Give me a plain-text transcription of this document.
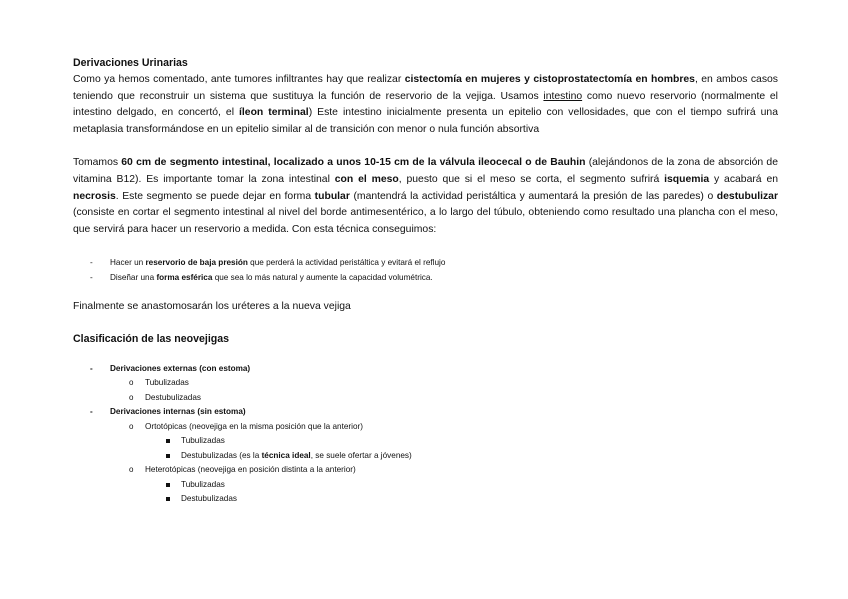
Derivaciones Urinarias

Como ya hemos comentado, ante tumores infiltrantes hay que realizar cistectomía en mujeres y cistoprostatectomía en hombres, en ambos casos teniendo que reconstruir un sistema que sustituya la función de reservorio de la vejiga. Usamos intestino como nuevo reservorio (normalmente el intestino delgado, en concertó, el íleon terminal) Este intestino inicialmente presenta un epitelio con vellosidades, que con el tiempo sufrirá una metaplasia transformándose en un epitelio similar al de transición con menor o nula función absortiva

Tomamos 60 cm de segmento intestinal, localizado a unos 10-15 cm de la válvula ileocecal o de Bauhin (alejándonos de la zona de absorción de vitamina B12). Es importante tomar la zona intestinal con el meso, puesto que si el meso se corta, el segmento sufrirá isquemia y acabará en necrosis. Este segmento se puede dejar en forma tubular (mantendrá la actividad peristáltica y aumentará la presión de las paredes) o destubulizar (consiste en cortar el segmento intestinal al nivel del borde antimesentérico, a lo largo del túbulo, obteniendo como resultado una plancha con el meso, que servirá para hacer un reservorio a medida. Con esta técnica conseguimos:

- Hacer un reservorio de baja presión que perderá la actividad peristáltica y evitará el reflujo
- Diseñar una forma esférica que sea lo más natural y aumente la capacidad volumétrica.

Finalmente se anastomosarán los uréteres a la nueva vejiga

Clasificación de las neovejigas

- Derivaciones externas (con estoma)
o Tubulizadas
o Destubulizadas
- Derivaciones internas (sin estoma)
o Ortotópicas (neovejiga en la misma posición que la anterior)
Tubulizadas
Destubulizadas (es la técnica ideal, se suele ofertar a jóvenes)
o Heterotópicas (neovejiga en posición distinta a la anterior)
Tubulizadas
Destubulizadas
